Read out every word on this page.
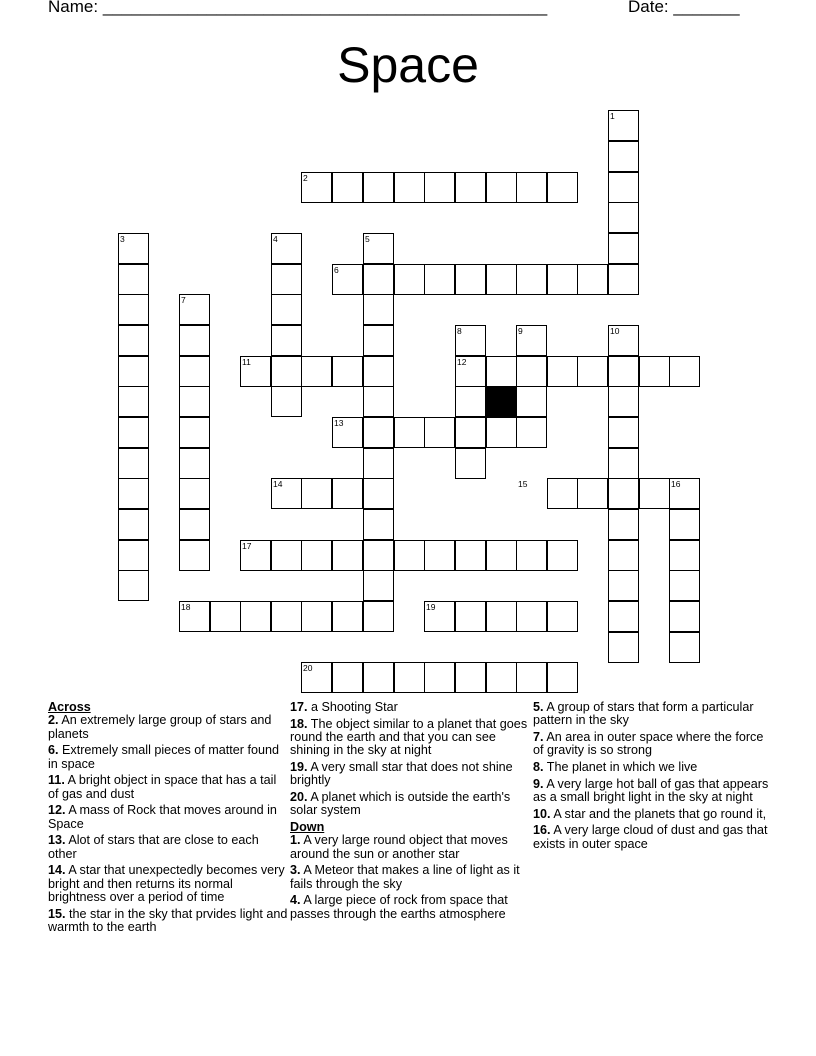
Name: _______________________________________________	Date: _______
Space
1
2
3	4	5
6
7
8	9	10
11	12
13
14	15	16
17
18	19
20
Across
2. An extremely large group of stars and planets
6. Extremely small pieces of matter found in space
11. A bright object in space that has a tail of gas and dust
12. A mass of Rock that moves around in Space
13. Alot of stars that are close to each other
14. A star that unexpectedly becomes very bright and then returns its normal brightness over a period of time
15. the star in the sky that prvides light and warmth to the earth
17. a Shooting Star
18. The object similar to a planet that goes round the earth and that you can see shining in the sky at night
19. A very small star that does not shine brightly
20. A planet which is outside the earth's solar system
Down
1. A very large round object that moves around the sun or another star
3. A Meteor that makes a line of light as it fails through the sky
4. A large piece of rock from space that passes through the earths atmosphere
5. A group of stars that form a particular pattern in the sky
7. An area in outer space where the force of gravity is so strong
8. The planet in which we live
9. A very large hot ball of gas that appears as a small bright light in the sky at night
10. A star and the planets that go round it,
16. A very large cloud of dust and gas that exists in outer space
